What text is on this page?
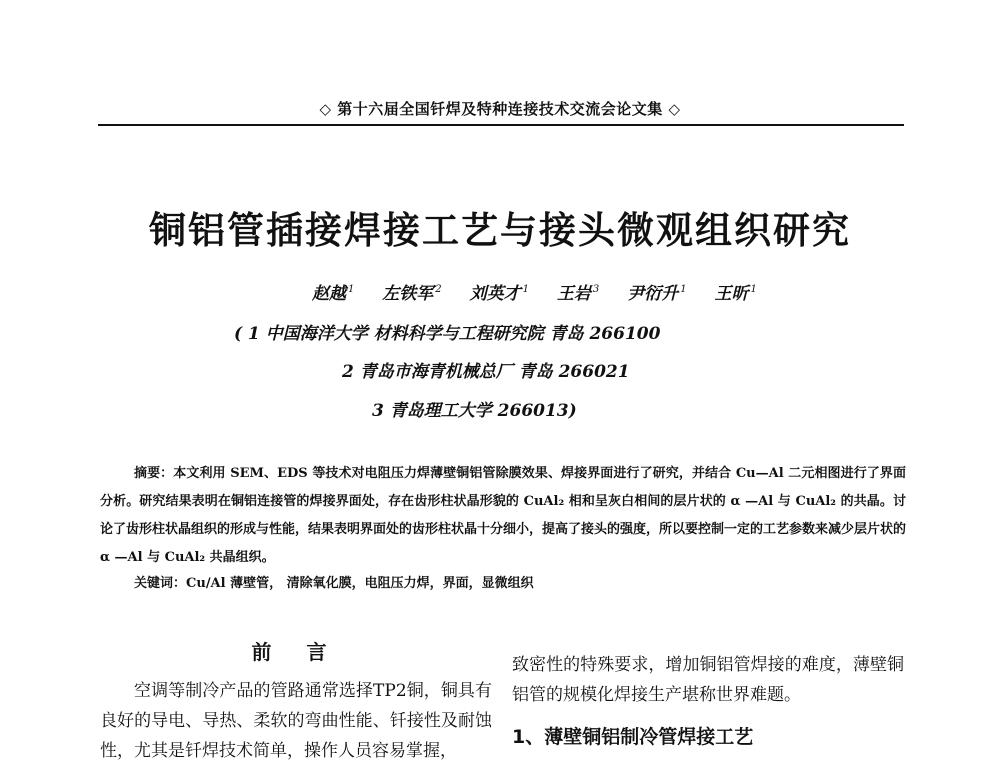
◇ 第十六届全国钎焊及特种连接技术交流会论文集 ◇
铜铝管插接焊接工艺与接头微观组织研究
赵越 $^1$ 左铁军 $^2$ 刘英才 $^1$ 王岩 $^3$ 尹衍升 $^1$ 王昕 $^1$
( 1 中国海洋大学 材料科学与工程研究院 青岛 266100
2 青岛市海青机械总厂 青岛 266021
3 青岛理工大学 266013)
摘要：本文利用 SEM、EDS 等技术对电阻压力焊薄壁铜铝管除膜效果、焊接界面进行了研究，并结合 Cu—Al 二元相图进行了界面分析。研究结果表明在铜铝连接管的焊接界面处，存在齿形柱状晶形貌的 CuAl₂ 相和呈灰白相间的层片状的 α —Al 与 CuAl₂ 的共晶。讨论了齿形柱状晶组织的形成与性能，结果表明界面处的齿形柱状晶十分细小，提高了接头的强度，所以要控制一定的工艺参数来减少层片状的 α —Al 与 CuAl₂ 共晶组织。
关键词：Cu/Al 薄壁管， 清除氧化膜，电阻压力焊，界面，显微组织
前 言

空调等制冷产品的管路通常选择TP2铜，铜具有良好的导电、导热、柔软的弯曲性能、钎接性及耐蚀性，尤其是钎焊技术简单，操作人员容易掌握，

致密性的特殊要求，增加铜铝管焊接的难度，薄壁铜铝管的规模化焊接生产堪称世界难题。

1、薄壁铜铝制冷管焊接工艺
